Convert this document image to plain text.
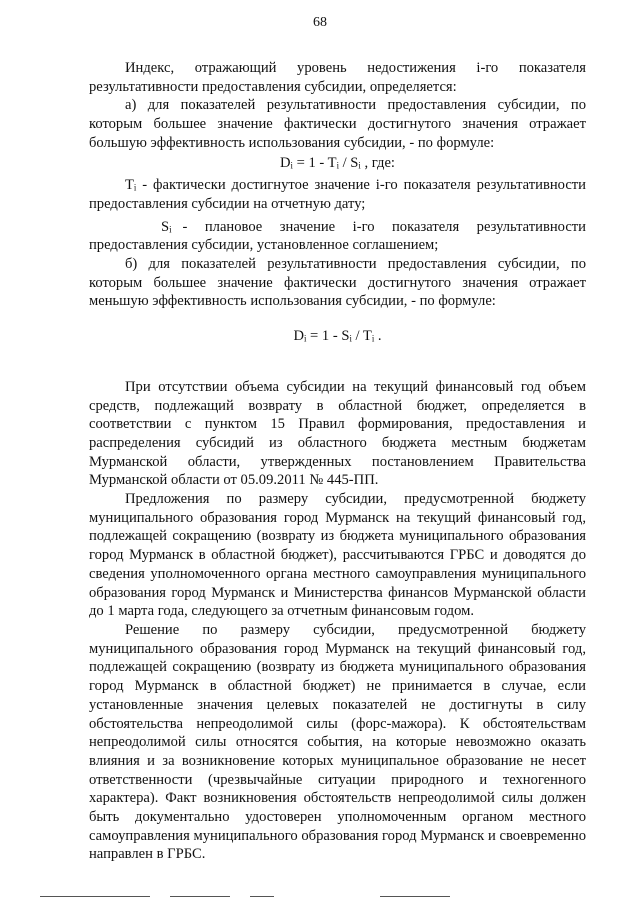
68

Индекс, отражающий уровень недостижения i-го показателя результативности предоставления субсидии, определяется:

а) для показателей результативности предоставления субсидии, по которым большее значение фактически достигнутого значения отражает большую эффективность использования субсидии, - по формуле:

Dᵢ = 1 - Tᵢ / Sᵢ , где:

Tᵢ - фактически достигнутое значение i-го показателя результативности предоставления субсидии на отчетную дату;

Sᵢ - плановое значение i-го показателя результативности предоставления субсидии, установленное соглашением;

б) для показателей результативности предоставления субсидии, по которым большее значение фактически достигнутого значения отражает меньшую эффективность использования субсидии, - по формуле:

Dᵢ = 1 - Sᵢ / Tᵢ .

При отсутствии объема субсидии на текущий финансовый год объем средств, подлежащий возврату в областной бюджет, определяется в соответствии с пунктом 15 Правил формирования, предоставления и распределения субсидий из областного бюджета местным бюджетам Мурманской области, утвержденных постановлением Правительства Мурманской области от 05.09.2011 № 445-ПП.

Предложения по размеру субсидии, предусмотренной бюджету муниципального образования город Мурманск на текущий финансовый год, подлежащей сокращению (возврату из бюджета муниципального образования город Мурманск в областной бюджет), рассчитываются ГРБС и доводятся до сведения уполномоченного органа местного самоуправления муниципального образования город Мурманск и Министерства финансов Мурманской области до 1 марта года, следующего за отчетным финансовым годом.

Решение по размеру субсидии, предусмотренной бюджету муниципального образования город Мурманск на текущий финансовый год, подлежащей сокращению (возврату из бюджета муниципального образования город Мурманск в областной бюджет) не принимается в случае, если установленные значения целевых показателей не достигнуты в силу обстоятельства непреодолимой силы (форс-мажора). К обстоятельствам непреодолимой силы относятся события, на которые невозможно оказать влияния и за возникновение которых муниципальное образование не несет ответственности (чрезвычайные ситуации природного и техногенного характера). Факт возникновения обстоятельств непреодолимой силы должен быть документально удостоверен уполномоченным органом местного самоуправления муниципального образования город Мурманск и своевременно направлен в ГРБС.
